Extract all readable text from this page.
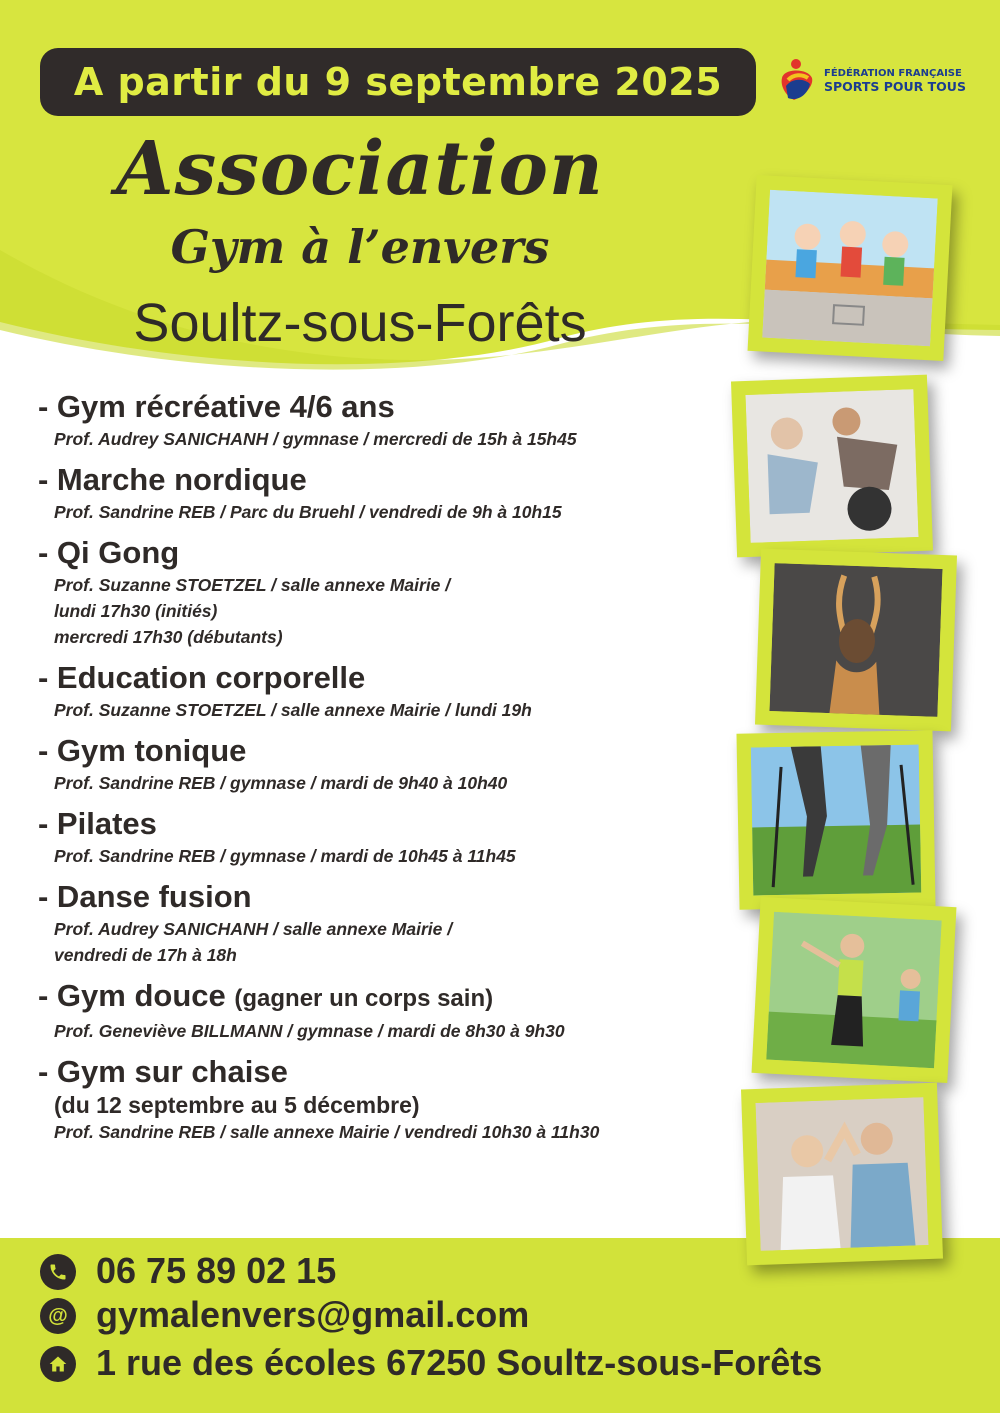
A partir du 9 septembre 2025	FÉDÉRATION FRANÇAISE
SPORTS POUR TOUS
Association
Gym à l’envers
Soultz-sous-Forêts
- Gym récréative 4/6 ans
Prof. Audrey SANICHANH / gymnase / mercredi de 15h à 15h45
- Marche nordique
Prof. Sandrine REB / Parc du Bruehl / vendredi de 9h à 10h15
- Qi Gong
Prof. Suzanne STOETZEL / salle annexe Mairie /
lundi 17h30 (initiés)
mercredi 17h30 (débutants)
- Education corporelle
Prof. Suzanne STOETZEL / salle annexe Mairie / lundi 19h
- Gym tonique
Prof. Sandrine REB / gymnase / mardi de 9h40 à 10h40
- Pilates
Prof. Sandrine REB / gymnase / mardi de 10h45 à 11h45
- Danse fusion
Prof. Audrey SANICHANH / salle annexe Mairie /
vendredi de 17h à 18h
- Gym douce (gagner un corps sain)
Prof. Geneviève BILLMANN / gymnase / mardi de 8h30 à 9h30
- Gym sur chaise
(du 12 septembre au 5 décembre)
Prof. Sandrine REB / salle annexe Mairie / vendredi 10h30 à 11h30
06 75 89 02 15
@ gymalenvers@gmail.com
1 rue des écoles 67250 Soultz-sous-Forêts
